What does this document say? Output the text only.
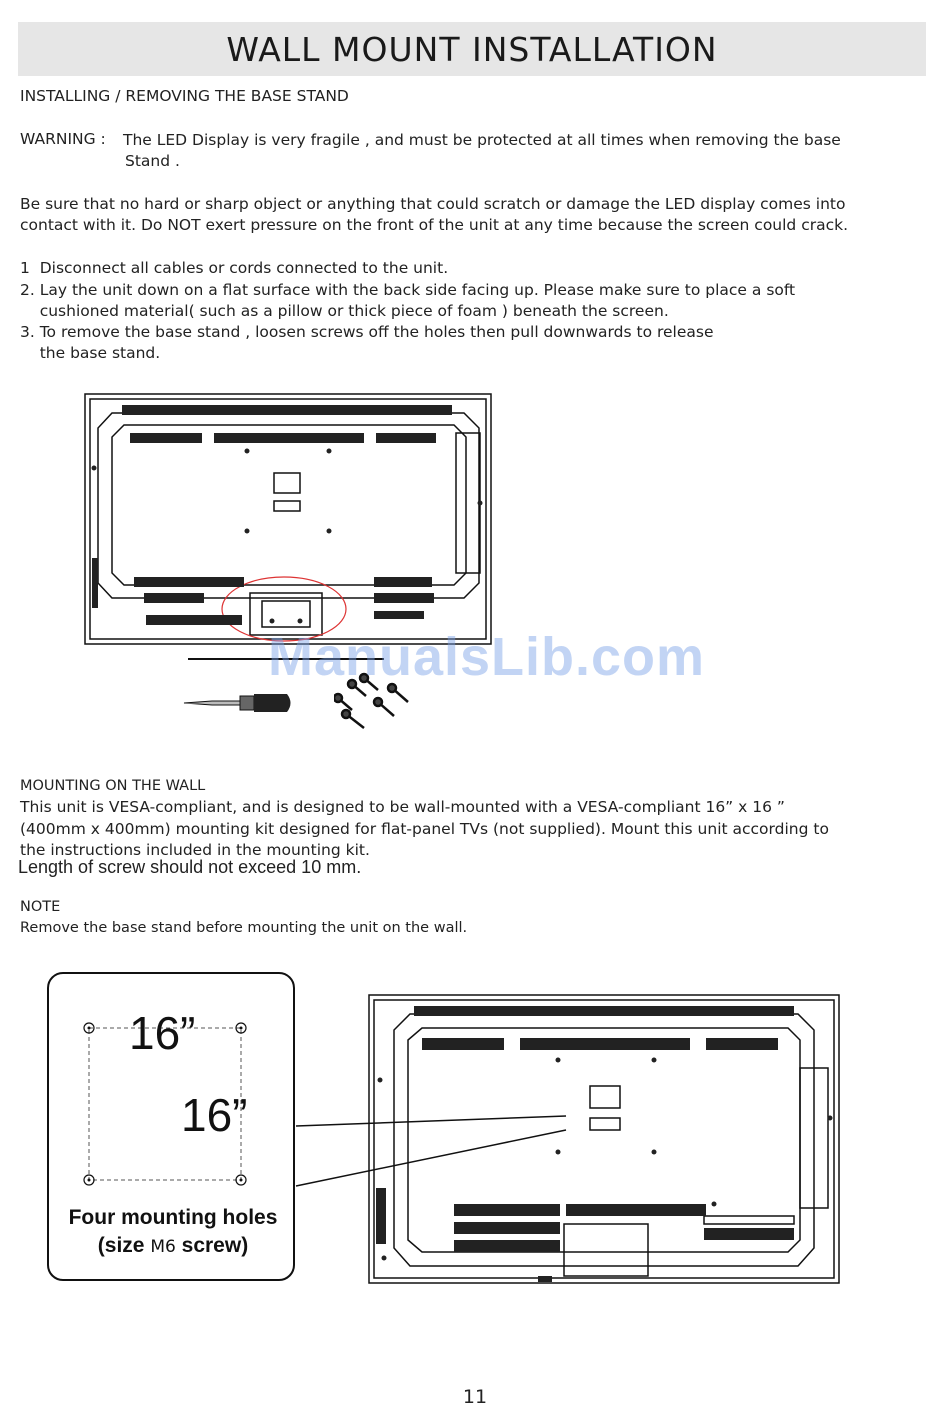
WALL MOUNT INSTALLATION
INSTALLING / REMOVING THE BASE STAND
WARNING : The LED Display is very fragile , and must be protected at all times when removing the base
Stand .
Be sure that no hard or sharp object or anything that could scratch or damage the LED display comes into
contact with it. Do NOT exert pressure on the front of the unit at any time because the screen could crack.
1  Disconnect all cables or cords connected to the unit.
2. Lay the unit down on a flat surface with the back side facing up. Please make sure to place a soft
cushioned material( such as a pillow or thick piece of foam ) beneath the screen.
3. To remove the base stand , loosen screws off the holes then pull downwards to release
the base stand.
ManualsLib.com
MOUNTING ON THE WALL
This unit is VESA-compliant, and is designed to be wall-mounted with a VESA-compliant 16” x 16 ”
(400mm x 400mm) mounting kit designed for flat-panel TVs (not supplied). Mount this unit according to
the instructions included in the mounting kit.
Length of screw should not exceed 10 mm.
NOTE
Remove the base stand before mounting the unit on the wall.
16”
16”
Four mounting holes
(size M6 screw)
11
